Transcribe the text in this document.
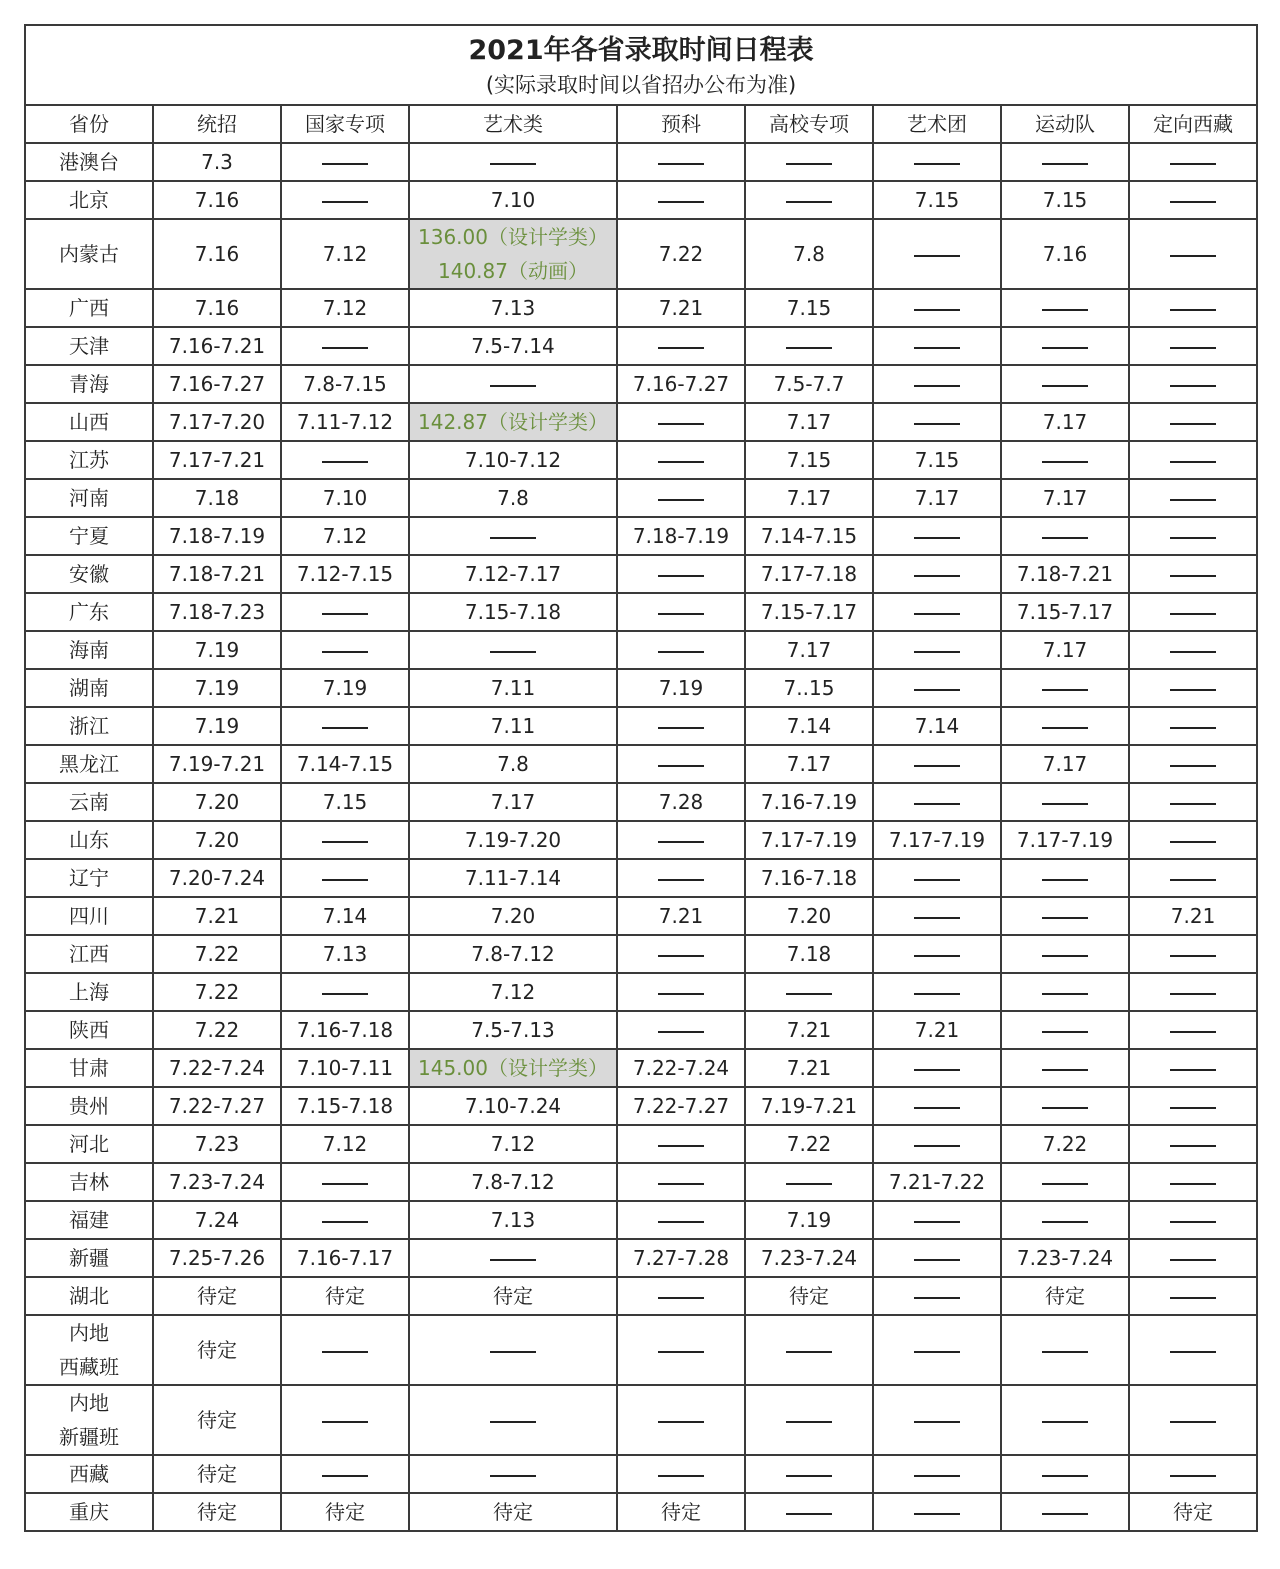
2021年各省录取时间日程表
(实际录取时间以省招办公布为准)								

省份	统招	国家专项	艺术类	预科	高校专项	艺术团	运动队	定向西藏

港澳台	7.3							

北京	7.16		7.10			7.15	7.15	

内蒙古	7.16	7.12	136.00（设计学类）
140.87（动画）	7.22	7.8		7.16	

广西	7.16	7.12	7.13	7.21	7.15			

天津	7.16-7.21		7.5-7.14					

青海	7.16-7.27	7.8-7.15		7.16-7.27	7.5-7.7			

山西	7.17-7.20	7.11-7.12	142.87（设计学类）		7.17		7.17	

江苏	7.17-7.21		7.10-7.12		7.15	7.15		

河南	7.18	7.10	7.8		7.17	7.17	7.17	

宁夏	7.18-7.19	7.12		7.18-7.19	7.14-7.15			

安徽	7.18-7.21	7.12-7.15	7.12-7.17		7.17-7.18		7.18-7.21	

广东	7.18-7.23		7.15-7.18		7.15-7.17		7.15-7.17	

海南	7.19				7.17		7.17	

湖南	7.19	7.19	7.11	7.19	7..15			

浙江	7.19		7.11		7.14	7.14		

黑龙江	7.19-7.21	7.14-7.15	7.8		7.17		7.17	

云南	7.20	7.15	7.17	7.28	7.16-7.19			

山东	7.20		7.19-7.20		7.17-7.19	7.17-7.19	7.17-7.19	

辽宁	7.20-7.24		7.11-7.14		7.16-7.18			

四川	7.21	7.14	7.20	7.21	7.20			7.21

江西	7.22	7.13	7.8-7.12		7.18			

上海	7.22		7.12					

陕西	7.22	7.16-7.18	7.5-7.13		7.21	7.21		

甘肃	7.22-7.24	7.10-7.11	145.00（设计学类）	7.22-7.24	7.21			

贵州	7.22-7.27	7.15-7.18	7.10-7.24	7.22-7.27	7.19-7.21			

河北	7.23	7.12	7.12		7.22		7.22	

吉林	7.23-7.24		7.8-7.12			7.21-7.22		

福建	7.24		7.13		7.19			

新疆	7.25-7.26	7.16-7.17		7.27-7.28	7.23-7.24		7.23-7.24	

湖北	待定	待定	待定		待定		待定	

内地
西藏班	待定							

内地
新疆班	待定							

西藏	待定							

重庆	待定	待定	待定	待定				待定
